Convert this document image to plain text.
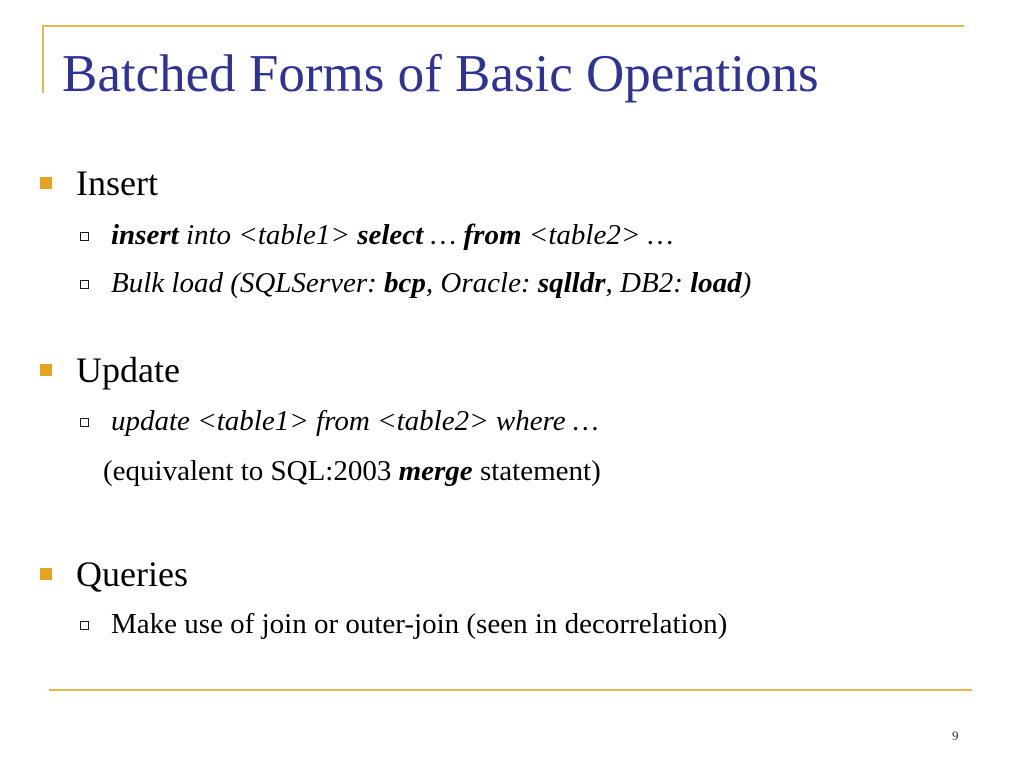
Batched Forms of Basic Operations
Insert
insert into <table1> select … from <table2> …
Bulk load (SQLServer: bcp, Oracle: sqlldr, DB2: load)
Update
update <table1> from <table2> where …
(equivalent to SQL:2003 merge statement)
Queries
Make use of join or outer-join (seen in decorrelation)
9
